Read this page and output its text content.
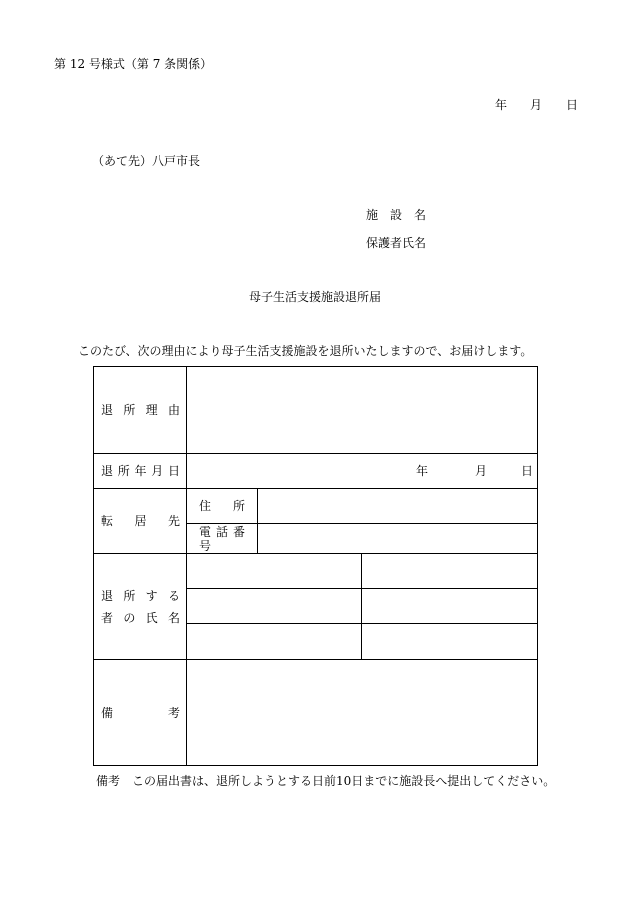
第 12 号様式（第 7 条関係）
年 月 日
（あて先）八戸市長
施　設　名
保護者氏名
母子生活支援施設退所届
このたび、次の理由により母子生活支援施設を退所いたしますので、お届けします。
退所理由			

退所年月日	年 月 日		

転居先	住所		

	電話番号		

退所する
者の氏名			

備考			

備考　この届出書は、退所しようとする日前10日までに施設長へ提出してください。
